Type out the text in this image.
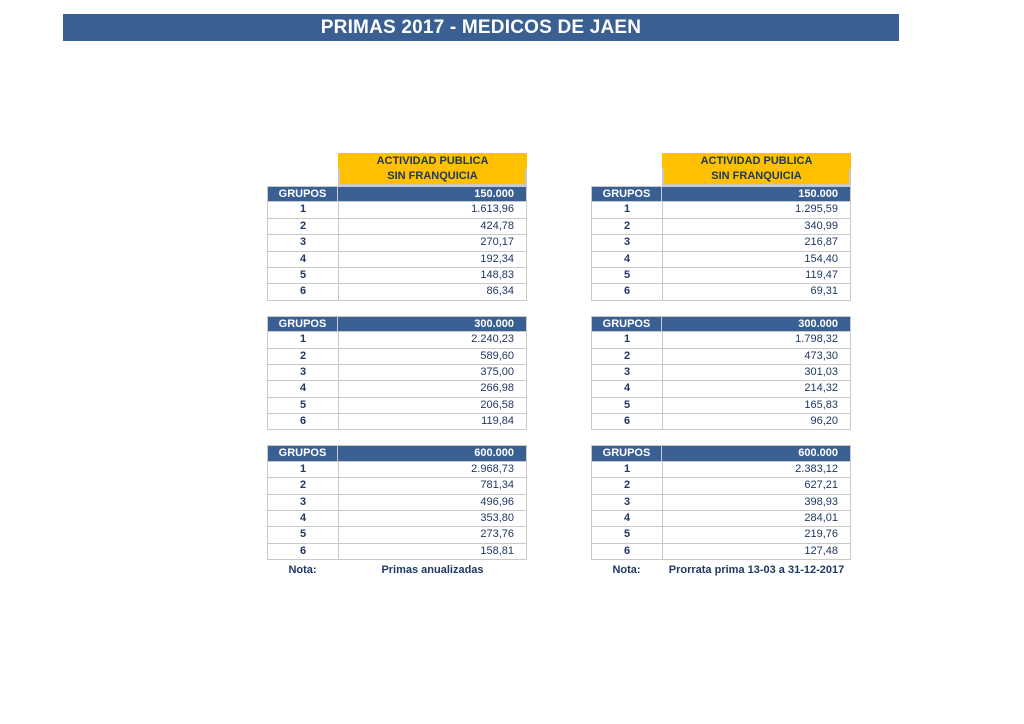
PRIMAS 2017 - MEDICOS DE JAEN
ACTIVIDAD PUBLICA
SIN FRANQUICIA
GRUPOS	150.000
1	1.613,96
2	424,78
3	270,17
4	192,34
5	148,83
6	86,34
GRUPOS	300.000
1	2.240,23
2	589,60
3	375,00
4	266,98
5	206,58
6	119,84
GRUPOS	600.000
1	2.968,73
2	781,34
3	496,96
4	353,80
5	273,76
6	158,81
Nota:	Primas anualizadas
ACTIVIDAD PUBLICA
SIN FRANQUICIA
GRUPOS	150.000
1	1.295,59
2	340,99
3	216,87
4	154,40
5	119,47
6	69,31
GRUPOS	300.000
1	1.798,32
2	473,30
3	301,03
4	214,32
5	165,83
6	96,20
GRUPOS	600.000
1	2.383,12
2	627,21
3	398,93
4	284,01
5	219,76
6	127,48
Nota:	Prorrata prima 13-03 a 31-12-2017
